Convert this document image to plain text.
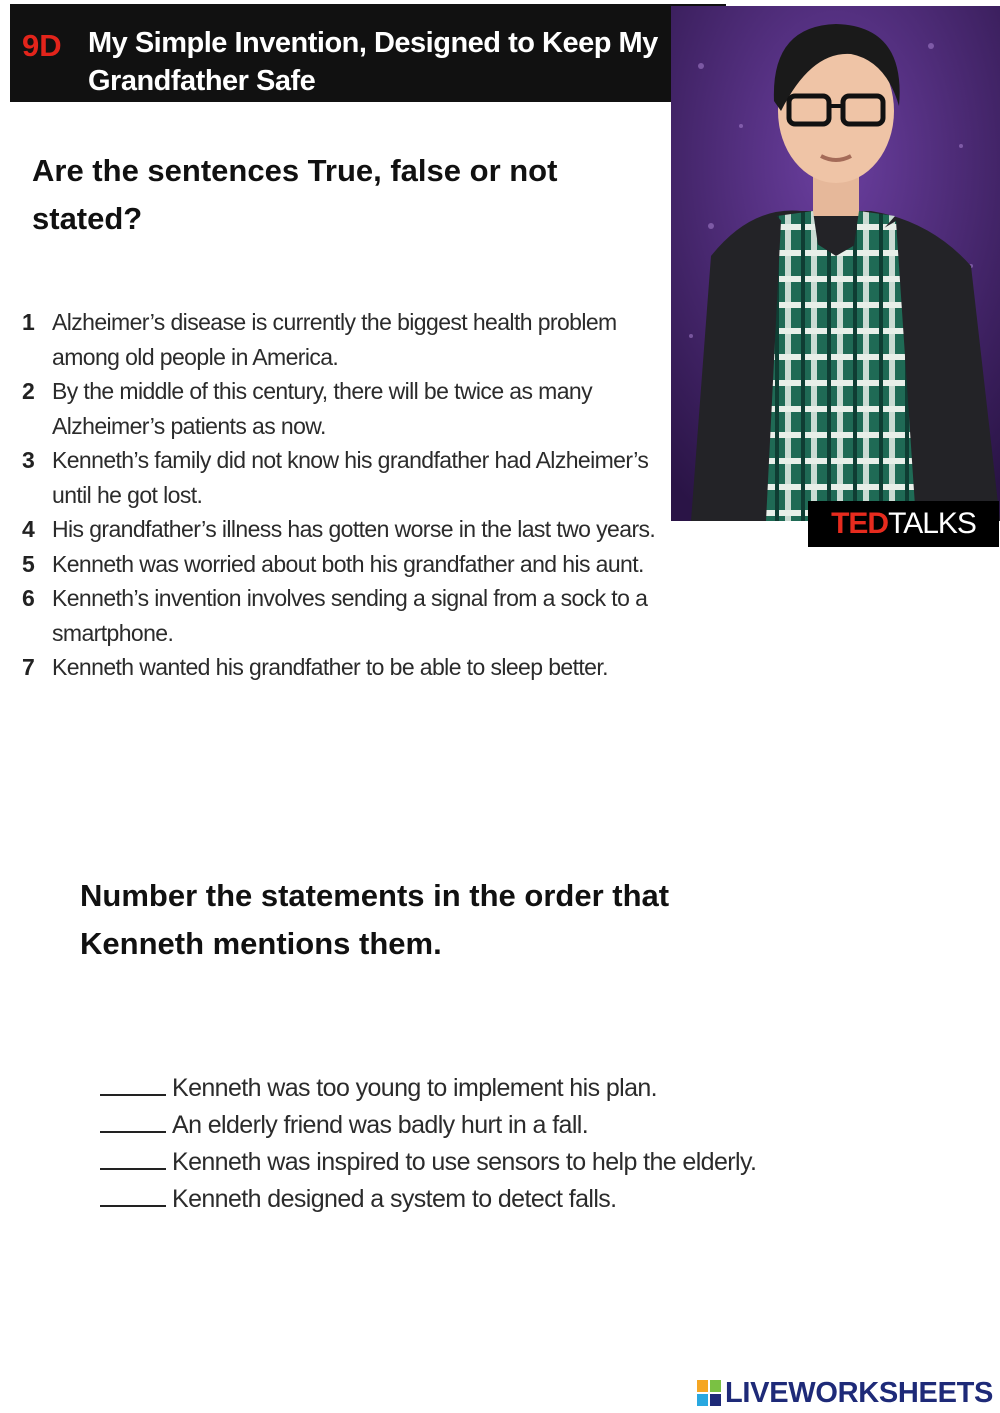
9D My Simple Invention, Designed to Keep My Grandfather Safe
TED TALKS
Are the sentences True, false or not stated?
1 Alzheimer’s disease is currently the biggest health problem among old people in America.
2 By the middle of this century, there will be twice as many Alzheimer’s patients as now.
3 Kenneth’s family did not know his grandfather had Alzheimer’s until he got lost.
4 His grandfather’s illness has gotten worse in the last two years.
5 Kenneth was worried about both his grandfather and his aunt.
6 Kenneth’s invention involves sending a signal from a sock to a smartphone.
7 Kenneth wanted his grandfather to be able to sleep better.
Number the statements in the order that Kenneth mentions them.
Kenneth was too young to implement his plan.
An elderly friend was badly hurt in a fall.
Kenneth was inspired to use sensors to help the elderly.
Kenneth designed a system to detect falls.
LIVEWORKSHEETS
